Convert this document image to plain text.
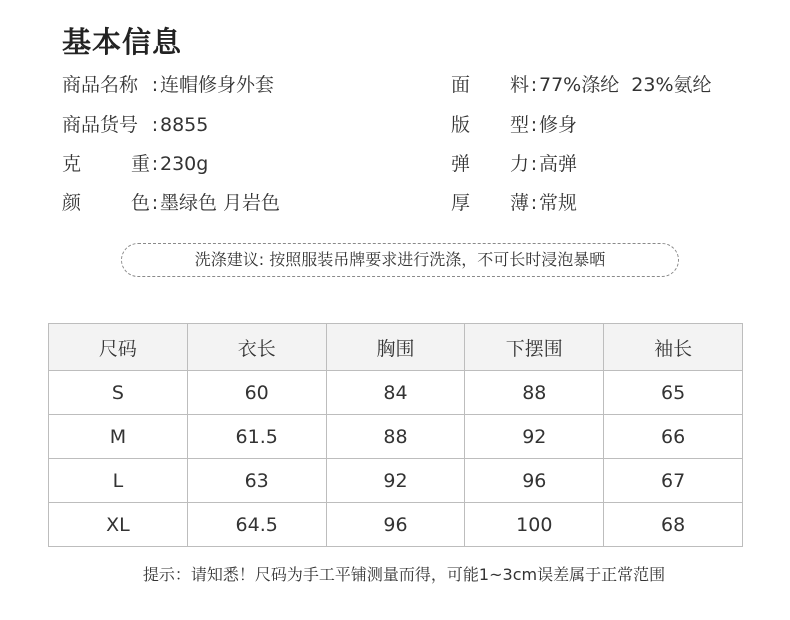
基本信息
商品名称 :连帽修身外套
商品货号 :8855
克重:230g
颜色:墨绿色 月岩色
面料:77%涤纶  23%氨纶
版型:修身
弹力:高弹
厚薄:常规
洗涤建议: 按照服装吊牌要求进行洗涤，不可长时浸泡暴晒
尺码	衣长	胸围	下摆围	袖长
S	60	84	88	65
M	61.5	88	92	66
L	63	92	96	67
XL	64.5	96	100	68
提示：请知悉！尺码为手工平铺测量而得，可能1~3cm误差属于正常范围
